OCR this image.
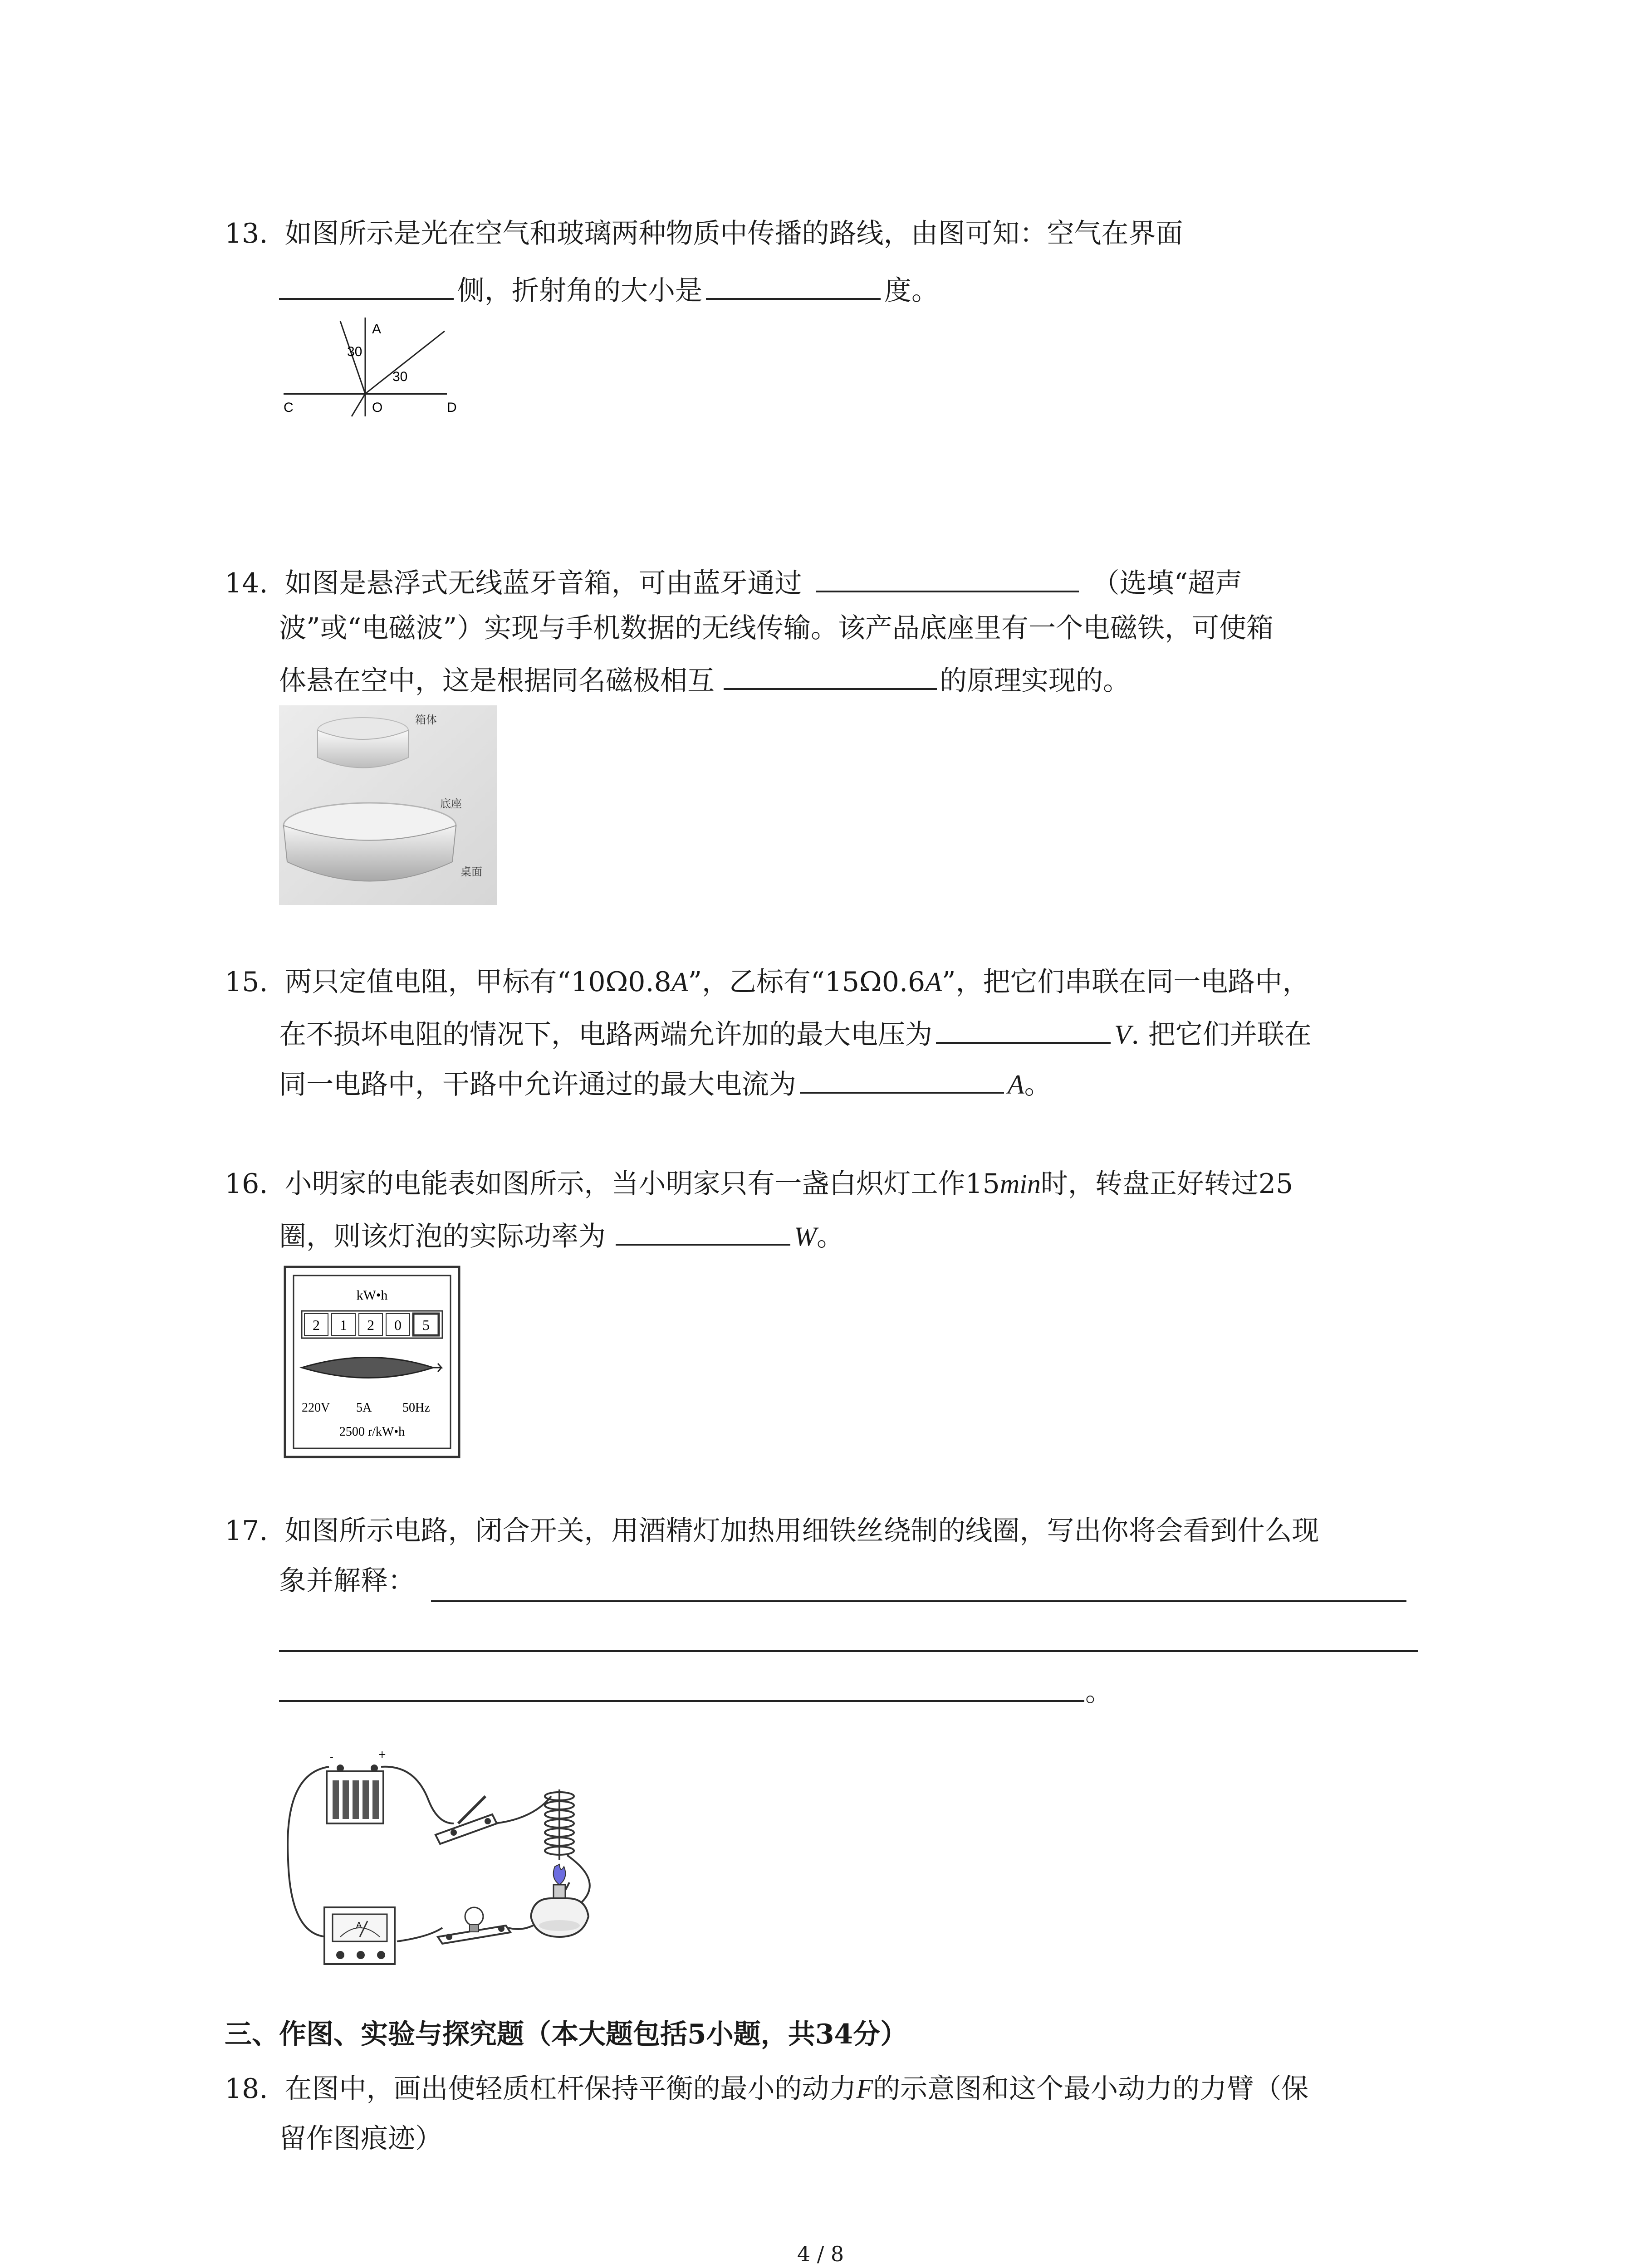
13. 如图所示是光在空气和玻璃两种物质中传播的路线，由图可知：空气在界面
侧，折射角的大小是	度。
A
30
30
C	O	D
14. 如图是悬浮式无线蓝牙音箱，可由蓝牙通过	（选填“超声
波”或“电磁波”）实现与手机数据的无线传输。该产品底座里有一个电磁铁，可使箱
体悬在空中，这是根据同名磁极相互	的原理实现的。
箱体
底座
桌面
15. 两只定值电阻，甲标有“10Ω0.8A”，乙标有“15Ω0.6A”，把它们串联在同一电路中，
在不损坏电阻的情况下，电路两端允许加的最大电压为	V. 把它们并联在
同一电路中，干路中允许通过的最大电流为	A。
16. 小明家的电能表如图所示，当小明家只有一盏白炽灯工作15min时，转盘正好转过25
圈，则该灯泡的实际功率为	W。
kW•h
2 1 2 0 5
220V 5A 50Hz
2500 r/kW•h
17. 如图所示电路，闭合开关，用酒精灯加热用细铁丝绕制的线圈，写出你将会看到什么现
象并解释：
。
+
-
A
三、作图、实验与探究题（本大题包括5小题，共34分）
18. 在图中，画出使轻质杠杆保持平衡的最小的动力F的示意图和这个最小动力的力臂（保
留作图痕迹）
4 / 8
